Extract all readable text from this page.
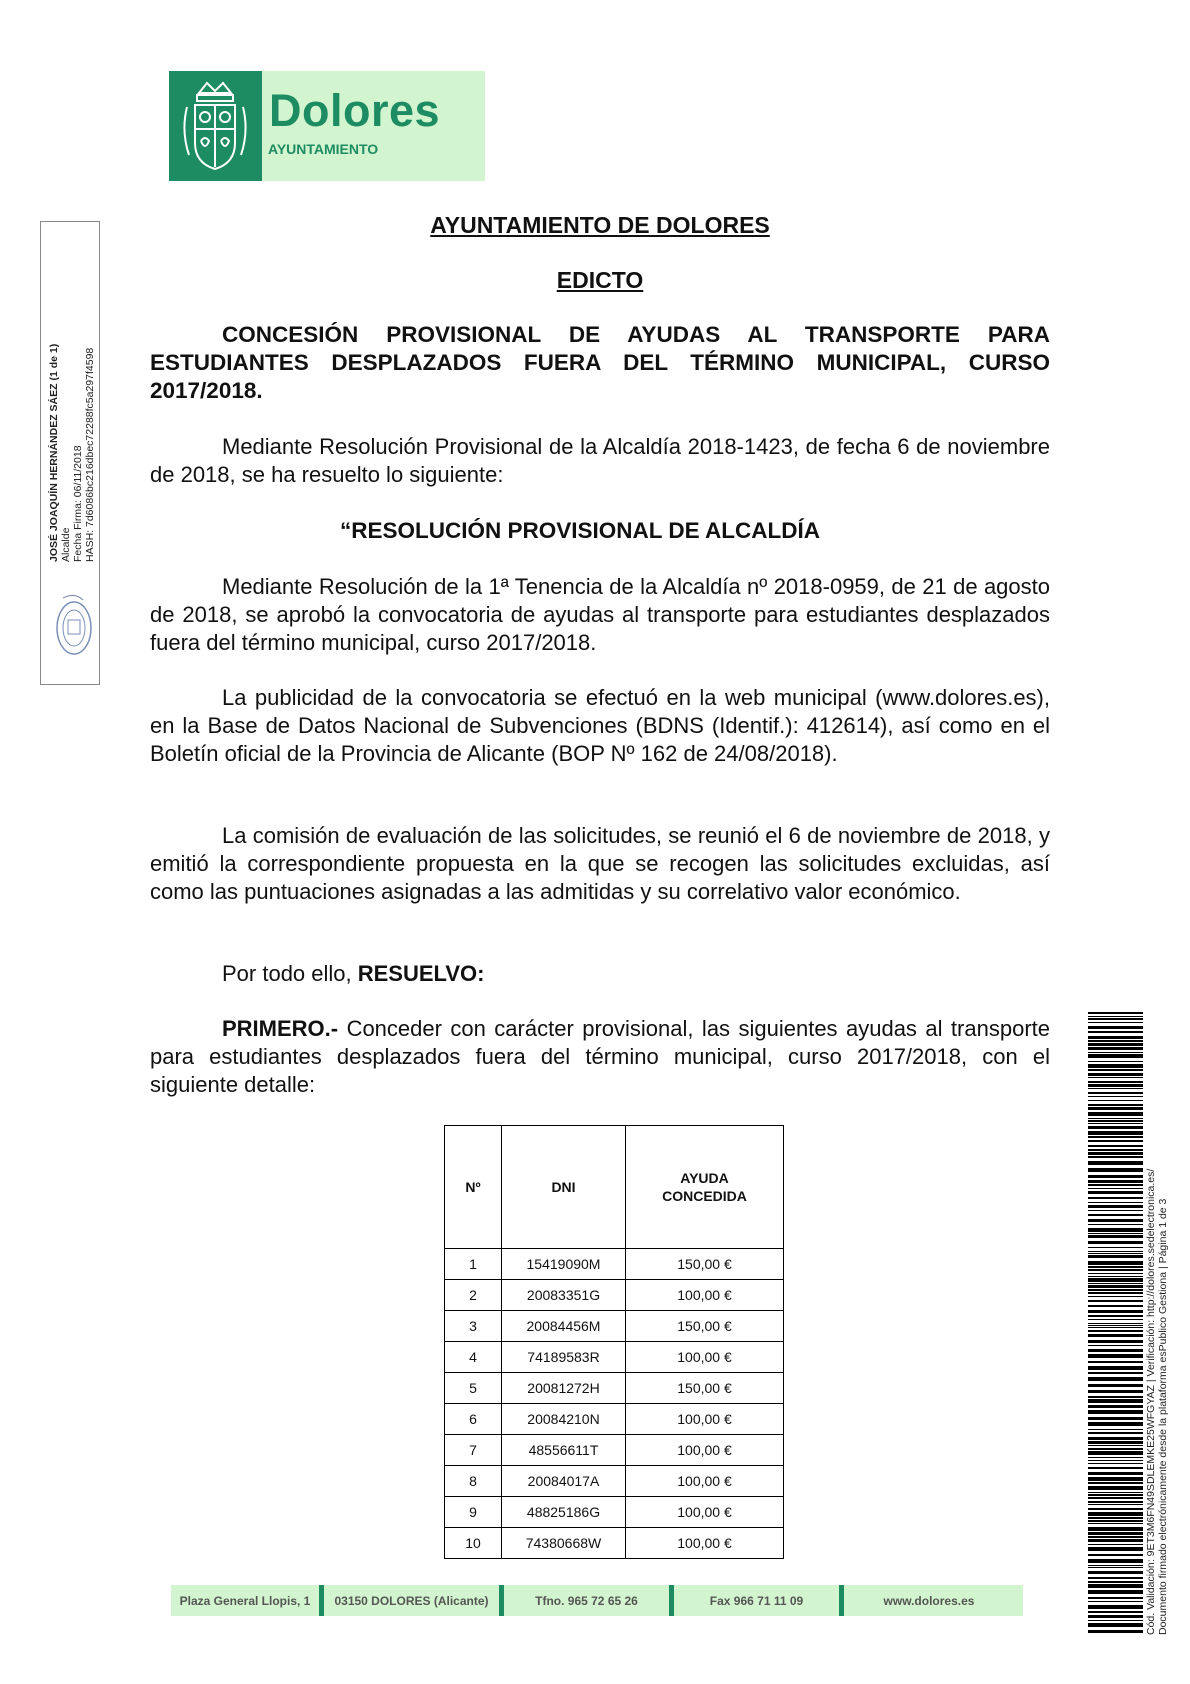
Dolores
AYUNTAMIENTO
JOSÉ JOAQUÍN HERNÁNDEZ SÁEZ (1 de 1) Alcalde Fecha Firma: 06/11/2018 HASH: 7d6086bc216dbec72288fc5a297f4598
AYUNTAMIENTO DE DOLORES
EDICTO
CONCESIÓN PROVISIONAL DE AYUDAS AL TRANSPORTE PARA ESTUDIANTES DESPLAZADOS FUERA DEL TÉRMINO MUNICIPAL, CURSO 2017/2018.
Mediante Resolución Provisional de la Alcaldía 2018-1423, de fecha 6 de noviembre de 2018, se ha resuelto lo siguiente:
“RESOLUCIÓN PROVISIONAL DE ALCALDÍA
Mediante Resolución de la 1ª Tenencia de la Alcaldía nº 2018-0959, de 21 de agosto de 2018, se aprobó la convocatoria de ayudas al transporte para estudiantes desplazados fuera del término municipal, curso 2017/2018.
La publicidad de la convocatoria se efectuó en la web municipal (www.dolores.es), en la Base de Datos Nacional de Subvenciones (BDNS (Identif.): 412614), así como en el Boletín oficial de la Provincia de Alicante (BOP Nº 162 de 24/08/2018).
La comisión de evaluación de las solicitudes, se reunió el 6 de noviembre de 2018, y emitió la correspondiente propuesta en la que se recogen las solicitudes excluidas, así como las puntuaciones asignadas a las admitidas y su correlativo valor económico.
Por todo ello, RESUELVO:
PRIMERO.- Conceder con carácter provisional, las siguientes ayudas al transporte para estudiantes desplazados fuera del término municipal, curso 2017/2018, con el siguiente detalle:
Nº	DNI	AYUDA CONCEDIDA
1	15419090M	150,00 €
2	20083351G	100,00 €
3	20084456M	150,00 €
4	74189583R	100,00 €
5	20081272H	150,00 €
6	20084210N	100,00 €
7	48556611T	100,00 €
8	20084017A	100,00 €
9	48825186G	100,00 €
10	74380668W	100,00 €
Plaza General Llopis, 1	03150 DOLORES (Alicante)	Tfno. 965 72 65 26	Fax 966 71 11 09	www.dolores.es	Cód. Validación: 9ET3M6FN49SDLEMKE25WFGYAZ | Verificación: http://dolores.sedelectronica.es/ Documento firmado electrónicamente desde la plataforma esPublico Gestiona | Página 1 de 3
